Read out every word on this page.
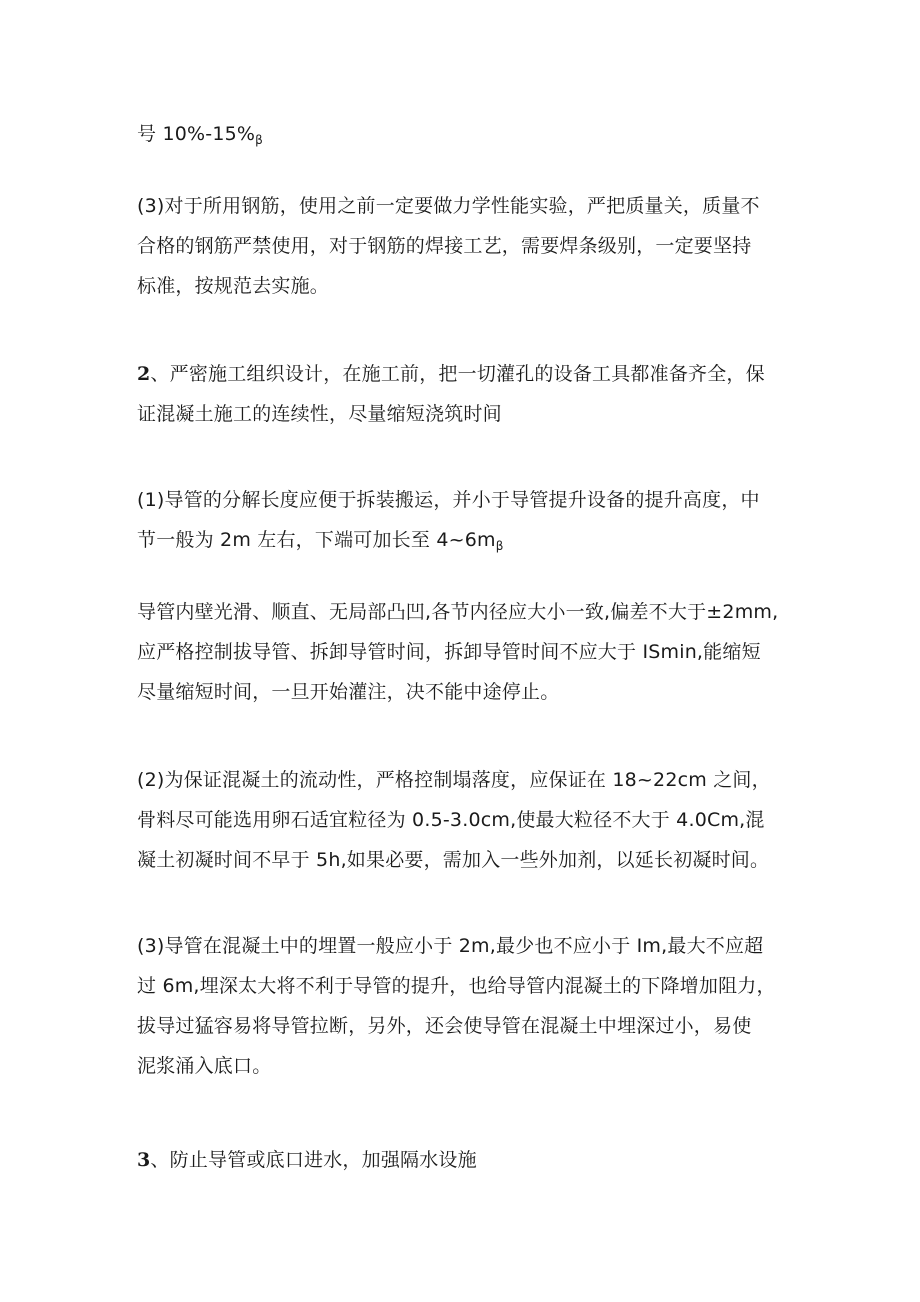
号 $10\%-15\%_\beta$

(3)对于所用钢筋，使用之前一定要做力学性能实验，严把质量关，质量不
合格的钢筋严禁使用，对于钢筋的焊接工艺，需要焊条级别，一定要坚持
标准，按规范去实施。

2、严密施工组织设计，在施工前，把一切灌孔的设备工具都准备齐全，保
证混凝土施工的连续性，尽量缩短浇筑时间

(1)导管的分解长度应便于拆装搬运，并小于导管提升设备的提升高度，中
节一般为 2m 左右，下端可加长至 $4\sim 6m_\beta$

导管内壁光滑、顺直、无局部凸凹,各节内径应大小一致,偏差不大于±2mm,
应严格控制拔导管、拆卸导管时间，拆卸导管时间不应大于 ISmin,能缩短
尽量缩短时间，一旦开始灌注，决不能中途停止。

(2)为保证混凝土的流动性，严格控制塌落度，应保证在 18~22cm 之间，
骨料尽可能选用卵石适宜粒径为 0.5-3.0cm,使最大粒径不大于 4.0Cm,混
凝土初凝时间不早于 5h,如果必要，需加入一些外加剂，以延长初凝时间。

(3)导管在混凝土中的埋置一般应小于 2m,最少也不应小于 Im,最大不应超
过 6m,埋深太大将不利于导管的提升，也给导管内混凝土的下降增加阻力，
拔导过猛容易将导管拉断，另外，还会使导管在混凝土中埋深过小，易使
泥浆涌入底口。

3、防止导管或底口进水，加强隔水设施
